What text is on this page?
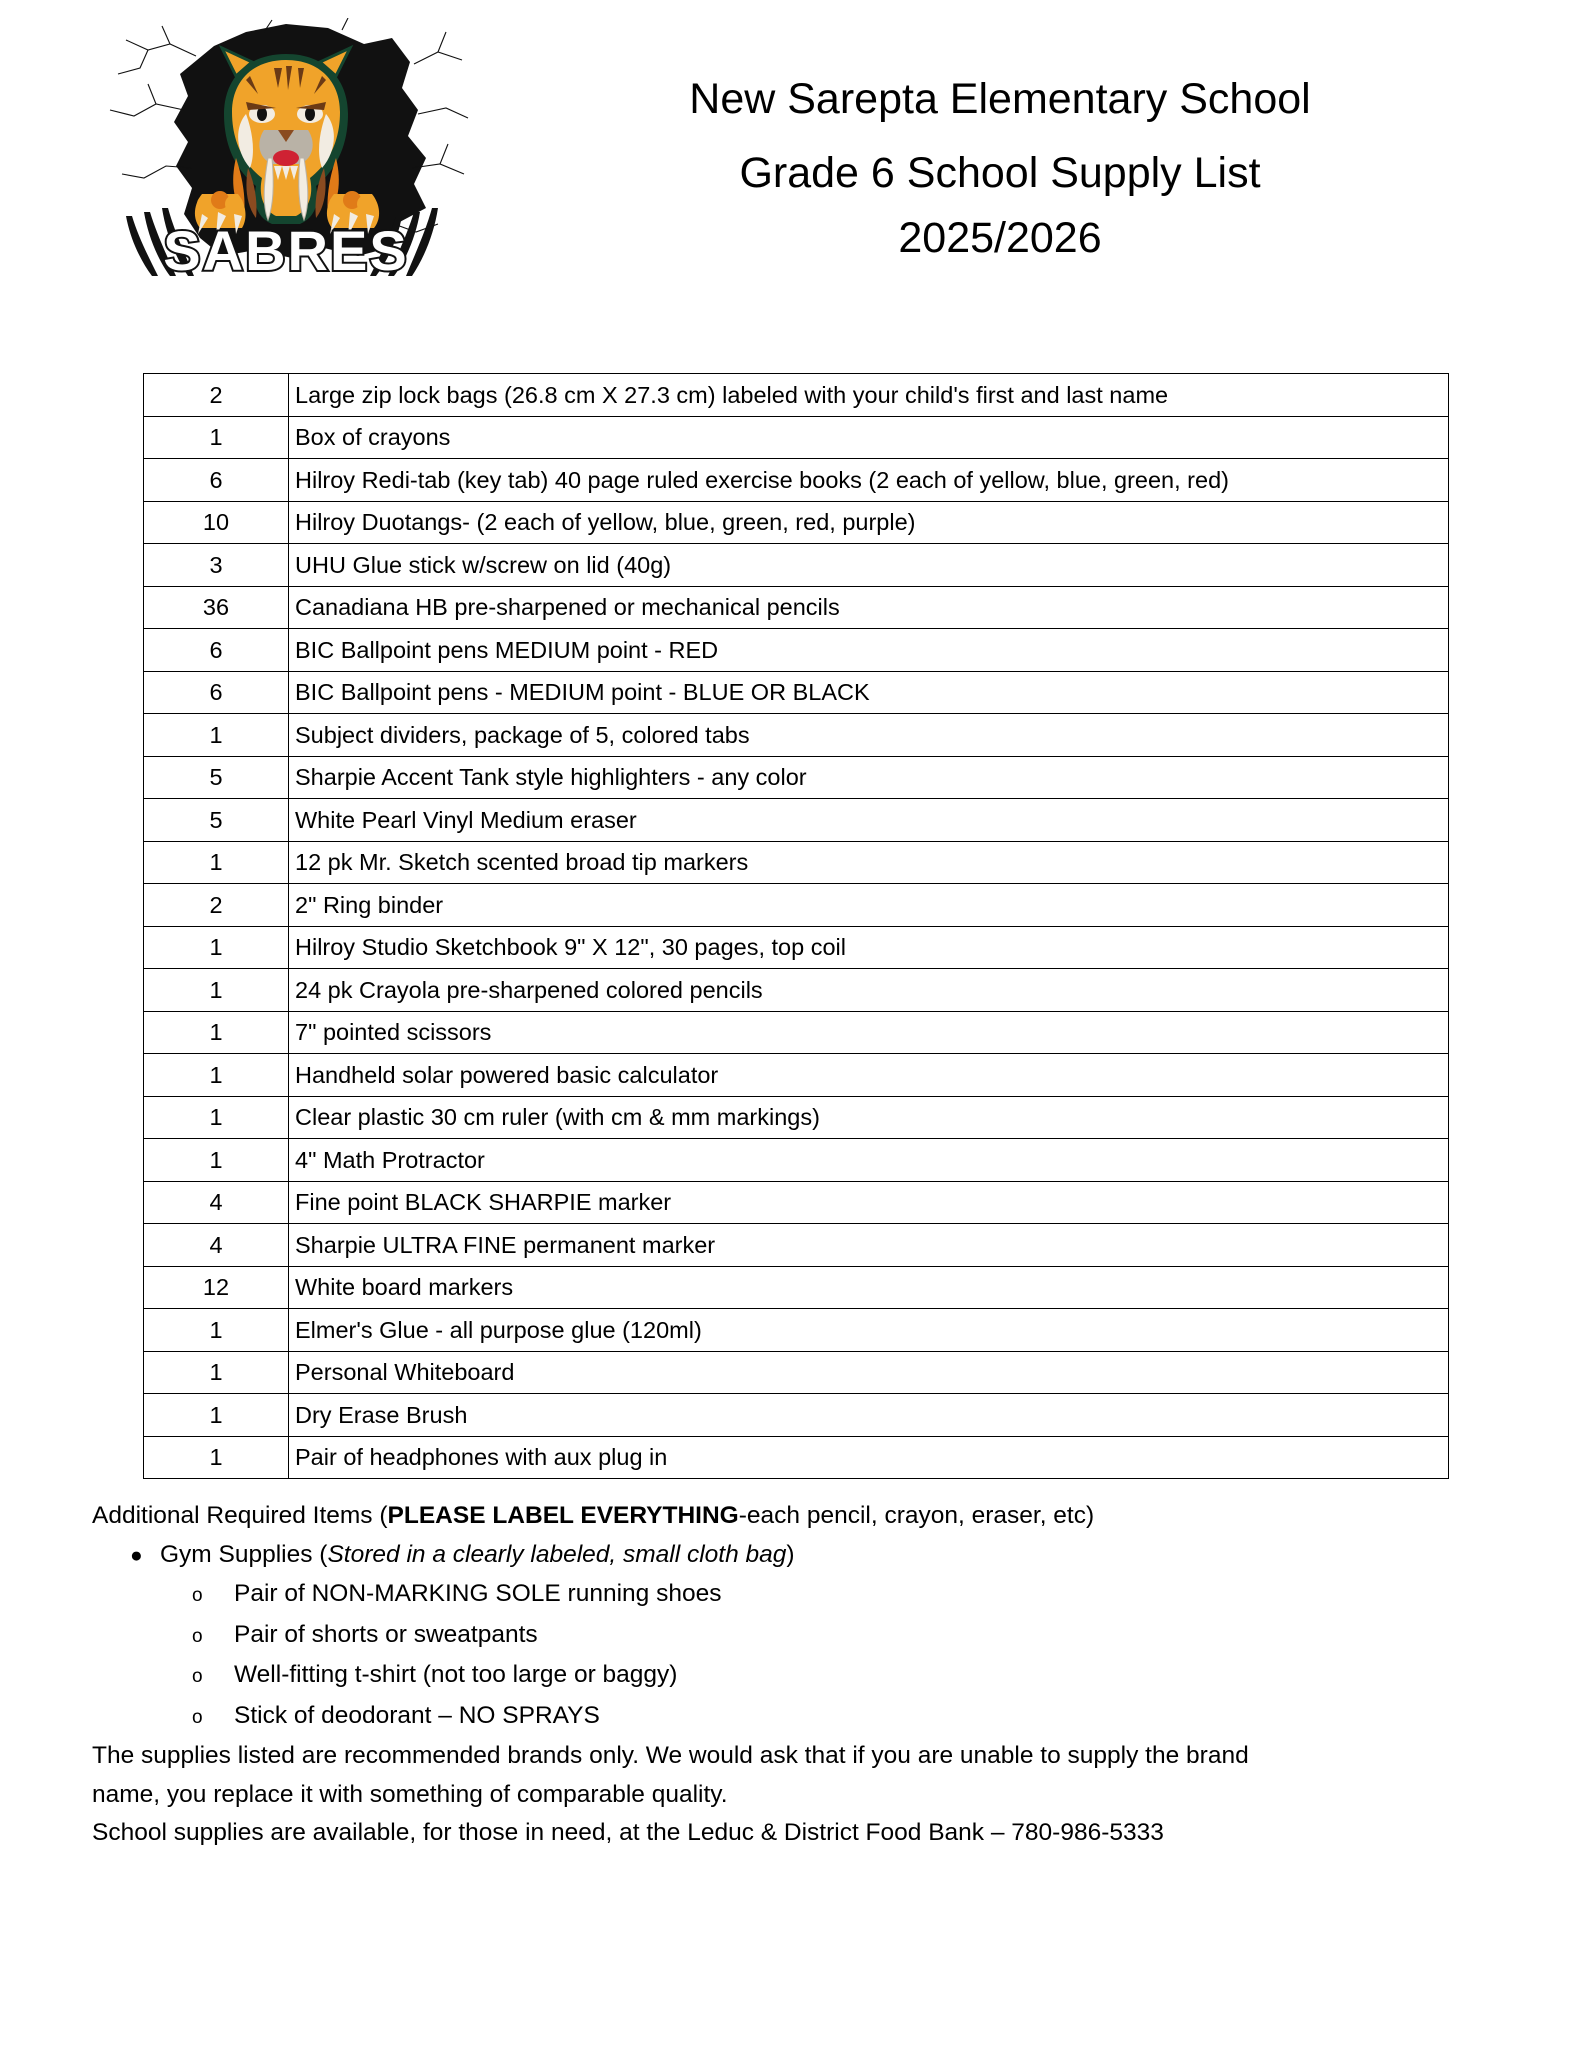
SABRES
New Sarepta Elementary School
Grade 6 School Supply List
2025/2026
2	Large zip lock bags (26.8 cm X 27.3 cm) labeled with your child's first and last name
1	Box of crayons
6	Hilroy Redi-tab (key tab) 40 page ruled exercise books (2 each of yellow, blue, green, red)
10	Hilroy Duotangs- (2 each of yellow, blue, green, red, purple)
3	UHU Glue stick w/screw on lid (40g)
36	Canadiana HB pre-sharpened or mechanical pencils
6	BIC Ballpoint pens MEDIUM point - RED
6	BIC Ballpoint pens - MEDIUM point - BLUE OR BLACK
1	Subject dividers, package of 5, colored tabs
5	Sharpie Accent Tank style highlighters - any color
5	White Pearl Vinyl Medium eraser
1	12 pk Mr. Sketch scented broad tip markers
2	2" Ring binder
1	Hilroy Studio Sketchbook 9" X 12", 30 pages, top coil
1	24 pk Crayola pre-sharpened colored pencils
1	7" pointed scissors
1	Handheld solar powered basic calculator
1	Clear plastic 30 cm ruler (with cm & mm markings)
1	4" Math Protractor
4	Fine point BLACK SHARPIE marker
4	Sharpie ULTRA FINE permanent marker
12	White board markers
1	Elmer's Glue - all purpose glue (120ml)
1	Personal Whiteboard
1	Dry Erase Brush
1	Pair of headphones with aux plug in

Additional Required Items (PLEASE LABEL EVERYTHING-each pencil, crayon, eraser, etc)

● Gym Supplies (Stored in a clearly labeled, small cloth bag)
o	Pair of NON-MARKING SOLE running shoes
o	Pair of shorts or sweatpants
o	Well-fitting t-shirt (not too large or baggy)
o	Stick of deodorant – NO SPRAYS

The supplies listed are recommended brands only. We would ask that if you are unable to supply the brand

name, you replace it with something of comparable quality.

School supplies are available, for those in need, at the Leduc & District Food Bank – 780-986-5333
